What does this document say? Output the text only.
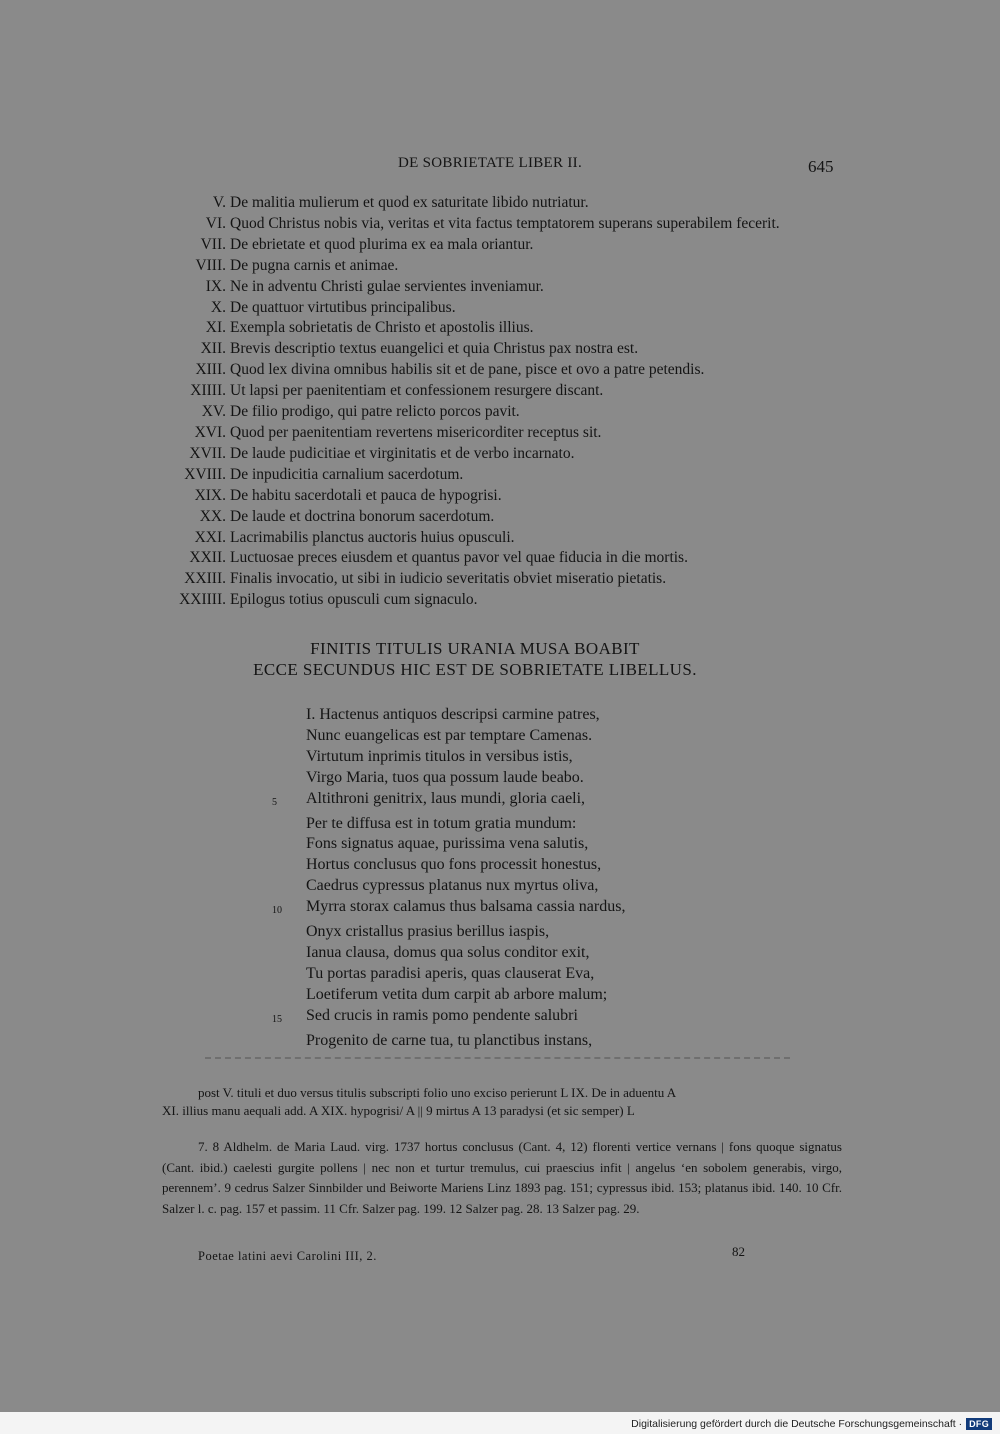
DE SOBRIETATE LIBER II.	645
V. De malitia mulierum et quod ex saturitate libido nutriatur.
VI. Quod Christus nobis via, veritas et vita factus temptatorem superans superabilem fecerit.
VII. De ebrietate et quod plurima ex ea mala oriantur.
VIII. De pugna carnis et animae.
IX. Ne in adventu Christi gulae servientes inveniamur.
X. De quattuor virtutibus principalibus.
XI. Exempla sobrietatis de Christo et apostolis illius.
XII. Brevis descriptio textus euangelici et quia Christus pax nostra est.
XIII. Quod lex divina omnibus habilis sit et de pane, pisce et ovo a patre petendis.
XIIII. Ut lapsi per paenitentiam et confessionem resurgere discant.
XV. De filio prodigo, qui patre relicto porcos pavit.
XVI. Quod per paenitentiam revertens misericorditer receptus sit.
XVII. De laude pudicitiae et virginitatis et de verbo incarnato.
XVIII. De inpudicitia carnalium sacerdotum.
XIX. De habitu sacerdotali et pauca de hypogrisi.
XX. De laude et doctrina bonorum sacerdotum.
XXI. Lacrimabilis planctus auctoris huius opusculi.
XXII. Luctuosae preces eiusdem et quantus pavor vel quae fiducia in die mortis.
XXIII. Finalis invocatio, ut sibi in iudicio severitatis obviet miseratio pietatis.
XXIIII. Epilogus totius opusculi cum signaculo.
FINITIS TITULIS URANIA MUSA BOABIT
ECCE SECUNDUS HIC EST DE SOBRIETATE LIBELLUS.
I. Hactenus antiquos descripsi carmine patres,
Nunc euangelicas est par temptare Camenas.
Virtutum inprimis titulos in versibus istis,
Virgo Maria, tuos qua possum laude beabo.
5	Altithroni genitrix, laus mundi, gloria caeli,
Per te diffusa est in totum gratia mundum:
Fons signatus aquae, purissima vena salutis,
Hortus conclusus quo fons processit honestus,
Caedrus cypressus platanus nux myrtus oliva,
10	Myrra storax calamus thus balsama cassia nardus,
Onyx cristallus prasius berillus iaspis,
Ianua clausa, domus qua solus conditor exit,
Tu portas paradisi aperis, quas clauserat Eva,
Loetiferum vetita dum carpit ab arbore malum;
15	Sed crucis in ramis pomo pendente salubri
Progenito de carne tua, tu planctibus instans,

post V. tituli et duo versus titulis subscripti folio uno exciso perierunt L IX. De in aduentu A

XI. illius manu aequali add. A XIX. hypogrisi/ A || 9 mirtus A 13 paradysi (et sic semper) L

7. 8 Aldhelm. de Maria Laud. virg. 1737 hortus conclusus (Cant. 4, 12) florenti vertice vernans | fons quoque signatus (Cant. ibid.) caelesti gurgite pollens | nec non et turtur tremulus, cui praescius infit | angelus ‘en sobolem generabis, virgo, perennem’. 9 cedrus Salzer Sinnbilder und Beiworte Mariens Linz 1893 pag. 151; cypressus ibid. 153; platanus ibid. 140. 10 Cfr. Salzer l. c. pag. 157 et passim. 11 Cfr. Salzer pag. 199. 12 Salzer pag. 28. 13 Salzer pag. 29.

Poetae latini aevi Carolini III, 2.	82
Digitalisierung gefördert durch die Deutsche Forschungsgemeinschaft · DFG
